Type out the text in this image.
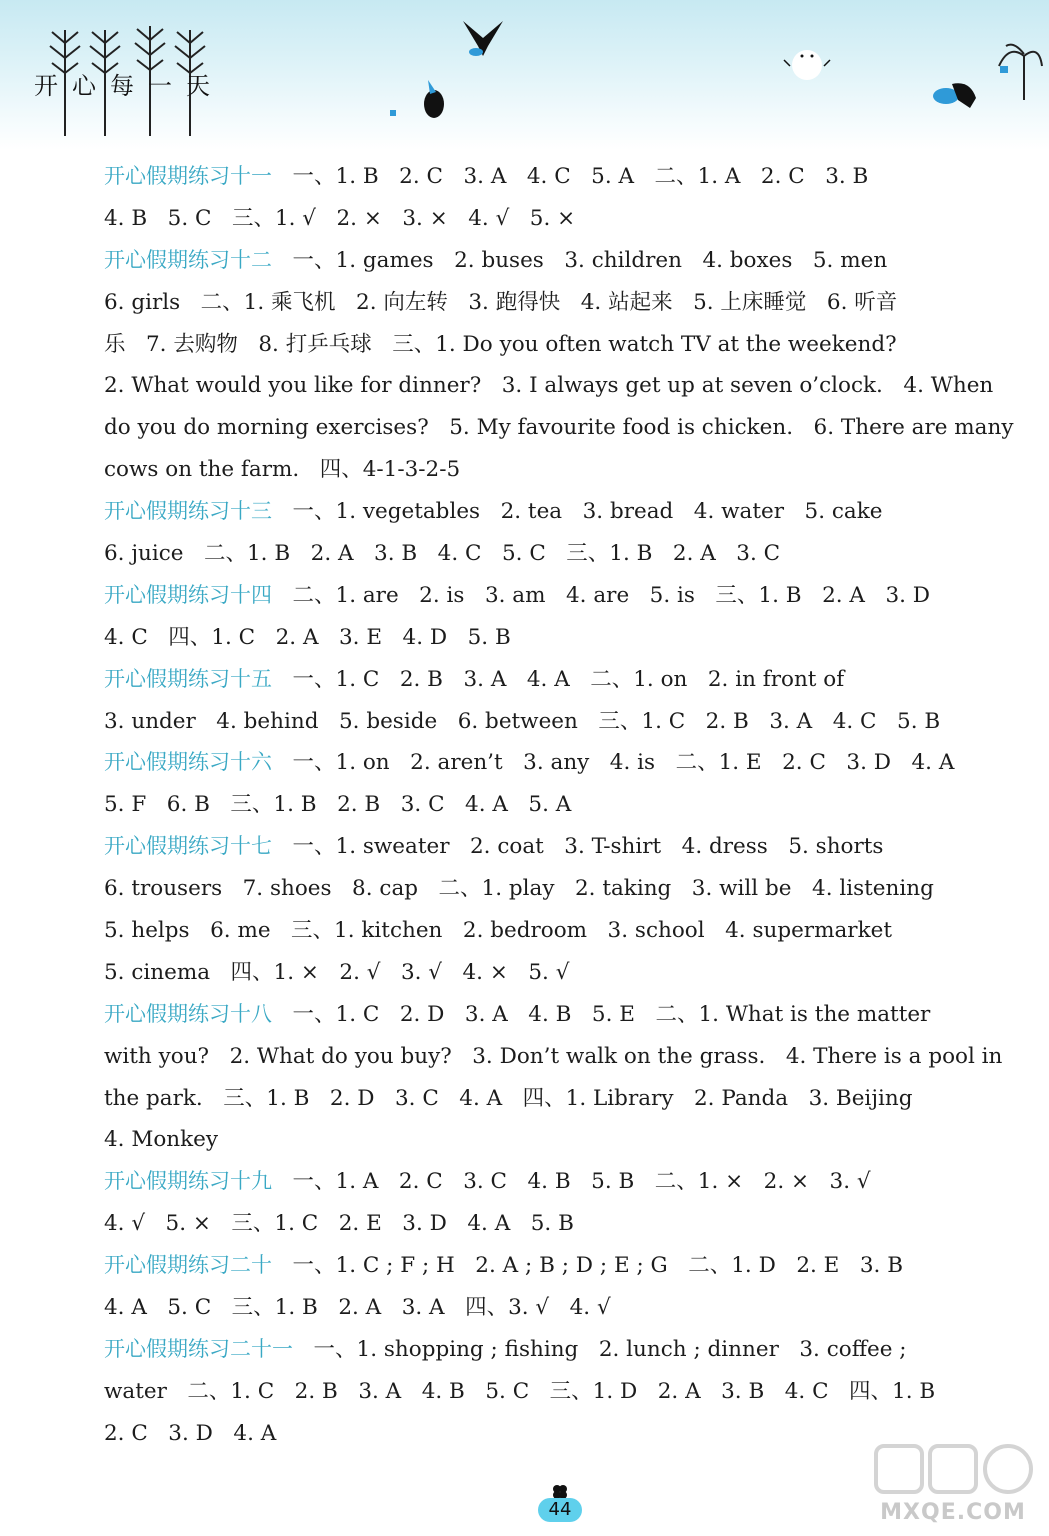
开心每一天
开心假期练习十一 一、1. B   2. C   3. A   4. C   5. A   二、1. A   2. C   3. B
4. B   5. C   三、1. √   2. ×   3. ×   4. √   5. ×
开心假期练习十二 一、1. games   2. buses   3. children   4. boxes   5. men
6. girls   二、1. 乘飞机   2. 向左转   3. 跑得快   4. 站起来   5. 上床睡觉   6. 听音
乐   7. 去购物   8. 打乒乓球   三、1. Do you often watch TV at the weekend?
2. What would you like for dinner?   3. I always get up at seven o’clock.   4. When
do you do morning exercises?   5. My favourite food is chicken.   6. There are many
cows on the farm.   四、4-1-3-2-5
开心假期练习十三 一、1. vegetables   2. tea   3. bread   4. water   5. cake
6. juice   二、1. B   2. A   3. B   4. C   5. C   三、1. B   2. A   3. C
开心假期练习十四 二、1. are   2. is   3. am   4. are   5. is   三、1. B   2. A   3. D
4. C   四、1. C   2. A   3. E   4. D   5. B
开心假期练习十五 一、1. C   2. B   3. A   4. A   二、1. on   2. in front of
3. under   4. behind   5. beside   6. between   三、1. C   2. B   3. A   4. C   5. B
开心假期练习十六 一、1. on   2. aren’t   3. any   4. is   二、1. E   2. C   3. D   4. A
5. F   6. B   三、1. B   2. B   3. C   4. A   5. A
开心假期练习十七 一、1. sweater   2. coat   3. T-shirt   4. dress   5. shorts
6. trousers   7. shoes   8. cap   二、1. play   2. taking   3. will be   4. listening
5. helps   6. me   三、1. kitchen   2. bedroom   3. school   4. supermarket
5. cinema   四、1. ×   2. √   3. √   4. ×   5. √
开心假期练习十八 一、1. C   2. D   3. A   4. B   5. E   二、1. What is the matter
with you?   2. What do you buy?   3. Don’t walk on the grass.   4. There is a pool in
the park.   三、1. B   2. D   3. C   4. A   四、1. Library   2. Panda   3. Beijing
4. Monkey
开心假期练习十九 一、1. A   2. C   3. C   4. B   5. B   二、1. ×   2. ×   3. √
4. √   5. ×   三、1. C   2. E   3. D   4. A   5. B
开心假期练习二十 一、1. C ; F ; H   2. A ; B ; D ; E ; G   二、1. D   2. E   3. B
4. A   5. C   三、1. B   2. A   3. A   四、3. √   4. √
开心假期练习二十一 一、1. shopping ; fishing   2. lunch ; dinner   3. coffee ;
water   二、1. C   2. B   3. A   4. B   5. C   三、1. D   2. A   3. B   4. C   四、1. B
2. C   3. D   4. A
44	MXQE.COM
